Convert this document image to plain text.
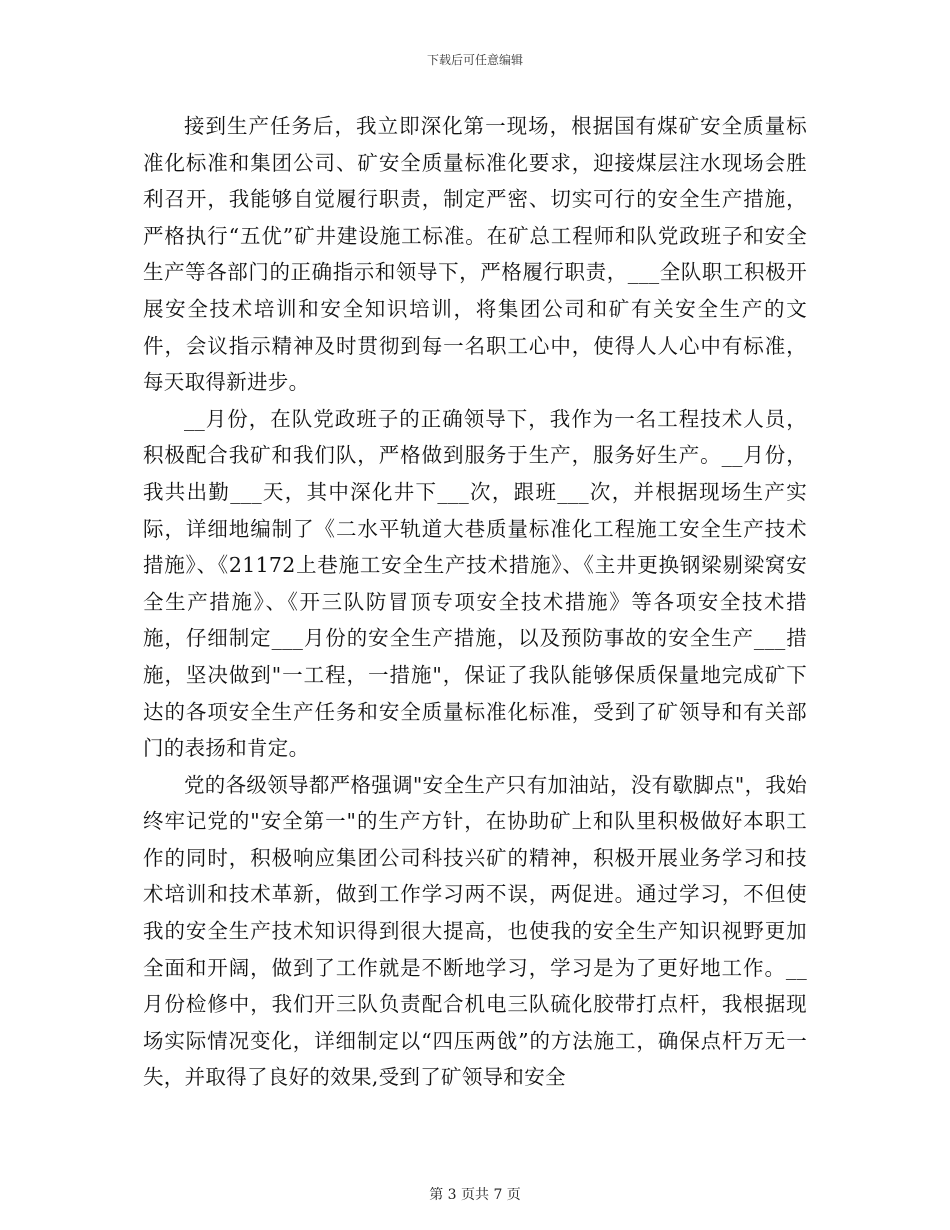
下载后可任意编辑

接到生产任务后，我立即深化第一现场，根据国有煤矿安全质量标准化标准和集团公司、矿安全质量标准化要求，迎接煤层注水现场会胜利召开，我能够自觉履行职责，制定严密、切实可行的安全生产措施，严格执行“五优”矿井建设施工标准。在矿总工程师和队党政班子和安全生产等各部门的正确指示和领导下，严格履行职责，___全队职工积极开展安全技术培训和安全知识培训，将集团公司和矿有关安全生产的文件，会议指示精神及时贯彻到每一名职工心中，使得人人心中有标准，每天取得新进步。

__月份，在队党政班子的正确领导下，我作为一名工程技术人员，积极配合我矿和我们队，严格做到服务于生产，服务好生产。__月份，我共出勤___天，其中深化井下___次，跟班___次，并根据现场生产实际，详细地编制了《二水平轨道大巷质量标准化工程施工安全生产技术措施》、《21172上巷施工安全生产技术措施》、《主井更换钢梁剔梁窝安全生产措施》、《开三队防冒顶专项安全技术措施》等各项安全技术措施，仔细制定___月份的安全生产措施，以及预防事故的安全生产___措施，坚决做到"一工程，一措施"，保证了我队能够保质保量地完成矿下达的各项安全生产任务和安全质量标准化标准，受到了矿领导和有关部门的表扬和肯定。

党的各级领导都严格强调"安全生产只有加油站，没有歇脚点"，我始终牢记党的"安全第一"的生产方针，在协助矿上和队里积极做好本职工作的同时，积极响应集团公司科技兴矿的精神，积极开展业务学习和技术培训和技术革新，做到工作学习两不误，两促进。通过学习，不但使我的安全生产技术知识得到很大提高，也使我的安全生产知识视野更加全面和开阔，做到了工作就是不断地学习，学习是为了更好地工作。__月份检修中，我们开三队负责配合机电三队硫化胶带打点杆，我根据现场实际情况变化，详细制定以“四压两戗”的方法施工，确保点杆万无一失，并取得了良好的效果,受到了矿领导和安全

第 3 页共 7 页
